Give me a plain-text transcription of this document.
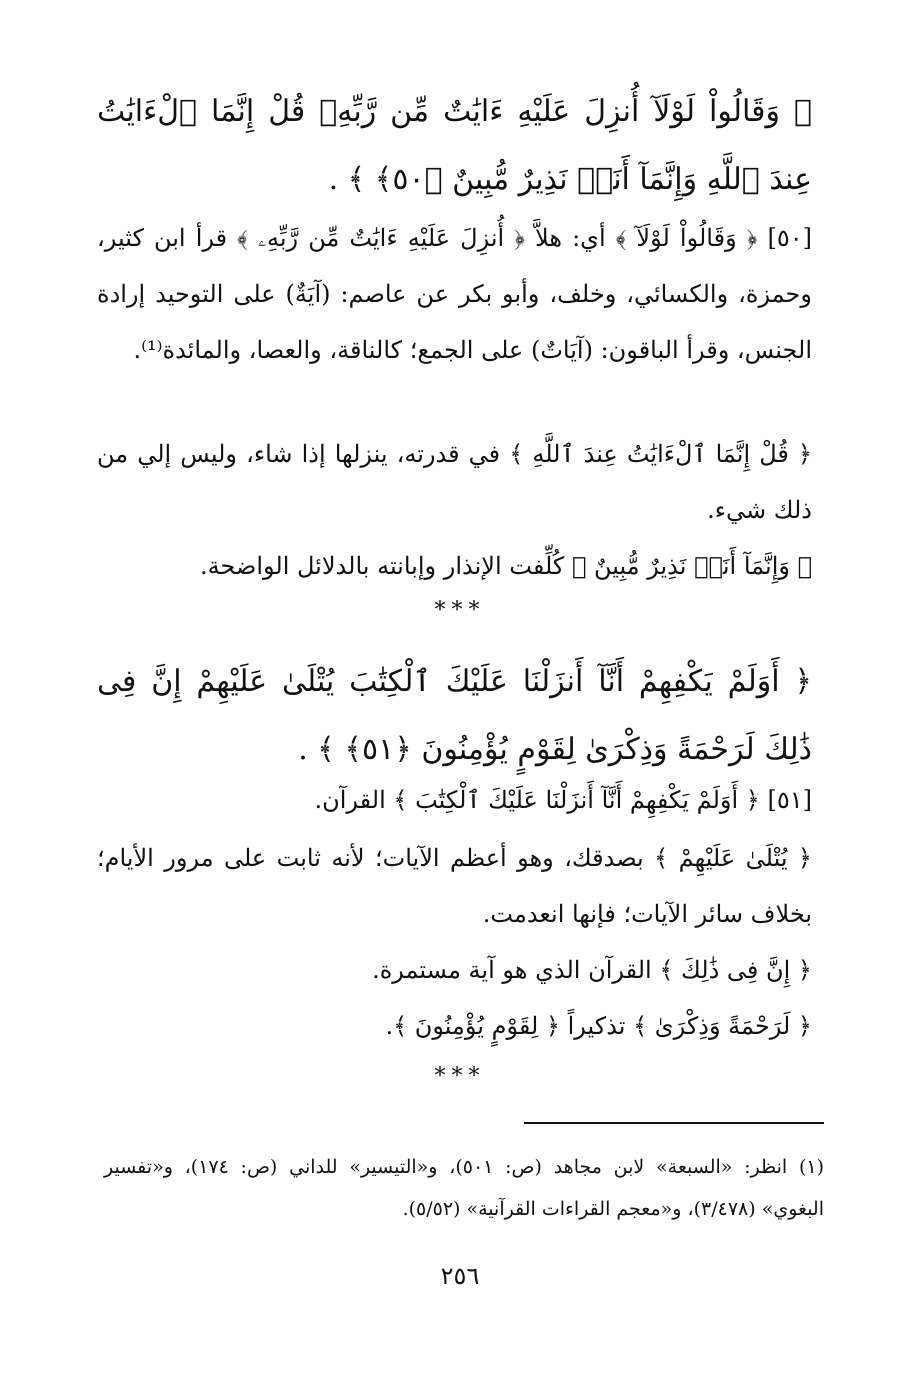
﴿ وَقَالُواْ لَوْلَآ أُنزِلَ عَلَيْهِ ءَايَٰتٌ مِّن رَّبِّهِۦ قُلْ إِنَّمَا ٱلْءَايَٰتُ عِندَ ٱللَّهِ وَإِنَّمَآ أَنَا۠ نَذِيرٌ مُّبِينٌ ﴿٥٠﴾ ﴾ .
[٥٠] ﴿ وَقَالُواْ لَوْلَآ ﴾ أي: هلاَّ ﴿ أُنزِلَ عَلَيْهِ ءَايَٰتٌ مِّن رَّبِّهِۦ ﴾ قرأ ابن كثير، وحمزة، والكسائي، وخلف، وأبو بكر عن عاصم: (آيَةٌ) على التوحيد إرادة الجنس، وقرأ الباقون: (آيَاتٌ) على الجمع؛ كالناقة، والعصا، والمائدة⁽¹⁾.
﴿ قُلْ إِنَّمَا ٱلْءَايَٰتُ عِندَ ٱللَّهِ ﴾ في قدرته، ينزلها إذا شاء، وليس إلي من ذلك شيء.
﴿ وَإِنَّمَآ أَنَا۠ نَذِيرٌ مُّبِينٌ ﴾ كُلِّفت الإنذار وإبانته بالدلائل الواضحة.
***
﴿ أَوَلَمْ يَكْفِهِمْ أَنَّآ أَنزَلْنَا عَلَيْكَ ٱلْكِتَٰبَ يُتْلَىٰ عَلَيْهِمْ إِنَّ فِى ذَٰلِكَ لَرَحْمَةً وَذِكْرَىٰ لِقَوْمٍ يُؤْمِنُونَ ﴿٥١﴾ ﴾ .
[٥١] ﴿ أَوَلَمْ يَكْفِهِمْ أَنَّآ أَنزَلْنَا عَلَيْكَ ٱلْكِتَٰبَ ﴾ القرآن.
﴿ يُتْلَىٰ عَلَيْهِمْ ﴾ بصدقك، وهو أعظم الآيات؛ لأنه ثابت على مرور الأيام؛ بخلاف سائر الآيات؛ فإنها انعدمت.
﴿ إِنَّ فِى ذَٰلِكَ ﴾ القرآن الذي هو آية مستمرة.
﴿ لَرَحْمَةً وَذِكْرَىٰ ﴾ تذكيراً ﴿ لِقَوْمٍ يُؤْمِنُونَ ﴾.
***
(١) انظر: «السبعة» لابن مجاهد (ص: ٥٠١)، و«التيسير» للداني (ص: ١٧٤)، و«تفسير البغوي» (٣/٤٧٨)، و«معجم القراءات القرآنية» (٥/٥٢).
٢٥٦
